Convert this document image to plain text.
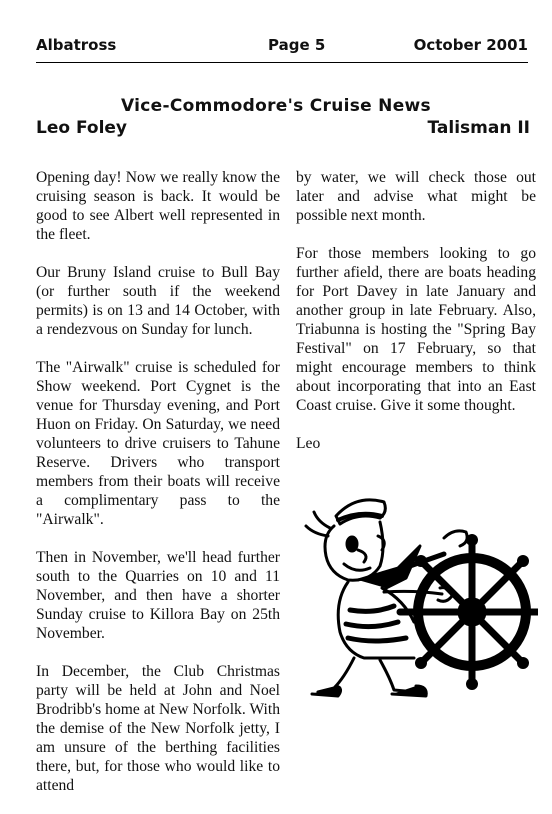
Albatross	Page 5	October 2001
Vice-Commodore's Cruise News
Leo Foley	Talisman II

Opening day! Now we really know the cruising season is back. It would be good to see Albert well represented in the fleet.

Our Bruny Island cruise to Bull Bay (or further south if the weekend permits) is on 13 and 14 October, with a rendezvous on Sunday for lunch.

The "Airwalk" cruise is scheduled for Show weekend. Port Cygnet is the venue for Thursday evening, and Port Huon on Friday. On Saturday, we need volunteers to drive cruisers to Tahune Reserve. Drivers who transport members from their boats will receive a complimentary pass to the "Airwalk".

Then in November, we'll head further south to the Quarries on 10 and 11 November, and then have a shorter Sunday cruise to Killora Bay on 25th November.

In December, the Club Christmas party will be held at John and Noel Brodribb's home at New Norfolk. With the demise of the New Norfolk jetty, I am unsure of the berthing facilities there, but, for those who would like to attend

by water, we will check those out later and advise what might be possible next month.

For those members looking to go further afield, there are boats heading for Port Davey in late January and another group in late February. Also, Triabunna is hosting the "Spring Bay Festival" on 17 February, so that might encourage members to think about incorporating that into an East Coast cruise. Give it some thought.

Leo
